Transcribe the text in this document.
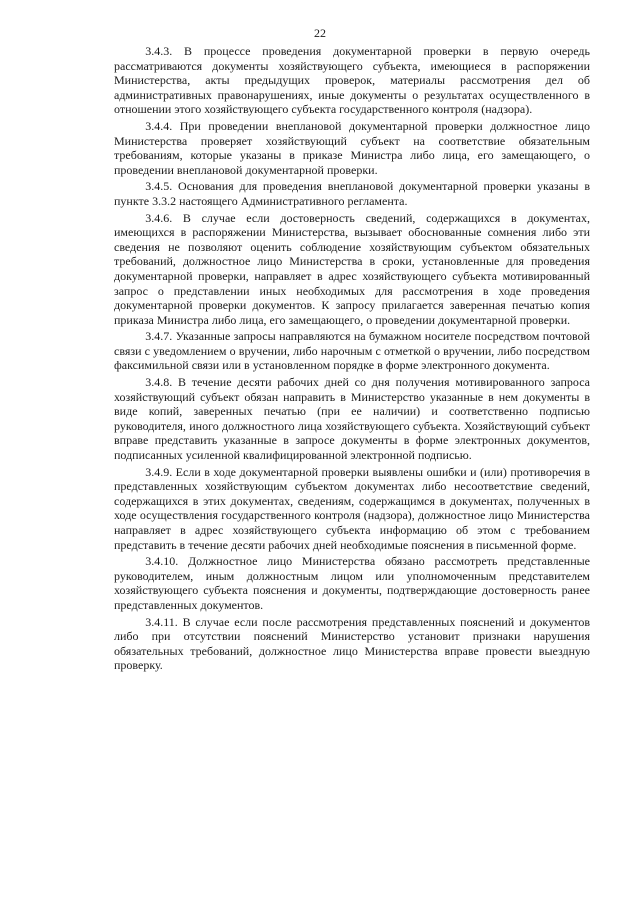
22

3.4.3. В процессе проведения документарной проверки в первую очередь рассматриваются документы хозяйствующего субъекта, имеющиеся в распоряжении Министерства, акты предыдущих проверок, материалы рассмотрения дел об административных правонарушениях, иные документы о результатах осуществленного в отношении этого хозяйствующего субъекта государственного контроля (надзора).

3.4.4. При проведении внеплановой документарной проверки должностное лицо Министерства проверяет хозяйствующий субъект на соответствие обязательным требованиям, которые указаны в приказе Министра либо лица, его замещающего, о проведении внеплановой документарной проверки.

3.4.5. Основания для проведения внеплановой документарной проверки указаны в пункте 3.3.2 настоящего Административного регламента.

3.4.6. В случае если достоверность сведений, содержащихся в документах, имеющихся в распоряжении Министерства, вызывает обоснованные сомнения либо эти сведения не позволяют оценить соблюдение хозяйствующим субъектом обязательных требований, должностное лицо Министерства в сроки, установленные для проведения документарной проверки, направляет в адрес хозяйствующего субъекта мотивированный запрос о представлении иных необходимых для рассмотрения в ходе проведения документарной проверки документов. К запросу прилагается заверенная печатью копия приказа Министра либо лица, его замещающего, о проведении документарной проверки.

3.4.7. Указанные запросы направляются на бумажном носителе посредством почтовой связи с уведомлением о вручении, либо нарочным с отметкой о вручении, либо посредством факсимильной связи или в установленном порядке в форме электронного документа.

3.4.8. В течение десяти рабочих дней со дня получения мотивированного запроса хозяйствующий субъект обязан направить в Министерство указанные в нем документы в виде копий, заверенных печатью (при ее наличии) и соответственно подписью руководителя, иного должностного лица хозяйствующего субъекта. Хозяйствующий субъект вправе представить указанные в запросе документы в форме электронных документов, подписанных усиленной квалифицированной электронной подписью.

3.4.9. Если в ходе документарной проверки выявлены ошибки и (или) противоречия в представленных хозяйствующим субъектом документах либо несоответствие сведений, содержащихся в этих документах, сведениям, содержащимся в документах, полученных в ходе осуществления государственного контроля (надзора), должностное лицо Министерства направляет в адрес хозяйствующего субъекта информацию об этом с требованием представить в течение десяти рабочих дней необходимые пояснения в письменной форме.

3.4.10. Должностное лицо Министерства обязано рассмотреть представленные руководителем, иным должностным лицом или уполномоченным представителем хозяйствующего субъекта пояснения и документы, подтверждающие достоверность ранее представленных документов.

3.4.11. В случае если после рассмотрения представленных пояснений и документов либо при отсутствии пояснений Министерство установит признаки нарушения обязательных требований, должностное лицо Министерства вправе провести выездную проверку.
